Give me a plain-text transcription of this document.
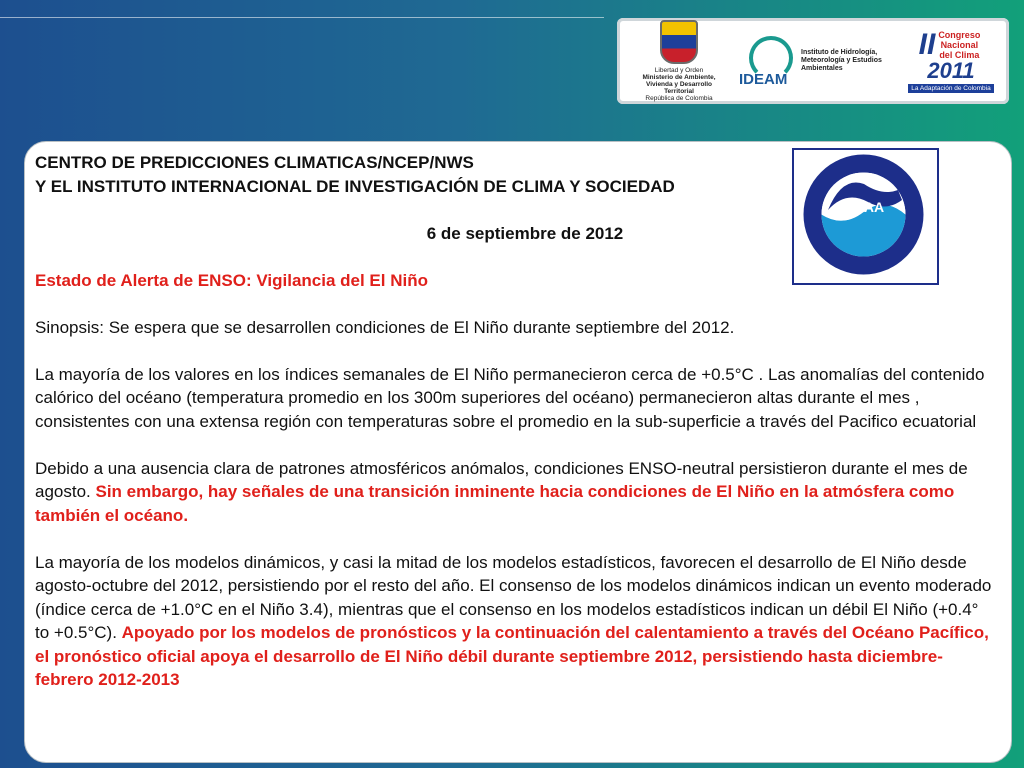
Libertad y Orden
Ministerio de Ambiente,
Vivienda y Desarrollo Territorial
República de Colombia
IDEAM
Instituto de Hidrología, Meteorología y Estudios Ambientales
II Congreso Nacional del Clima
2011
La Adaptación de Colombia
NOAA

CENTRO DE PREDICCIONES CLIMATICAS/NCEP/NWS

Y EL INSTITUTO INTERNACIONAL DE INVESTIGACIÓN DE CLIMA Y SOCIEDAD

6 de septiembre de 2012

Estado de Alerta de ENSO: Vigilancia del El Niño

Sinopsis: Se espera que se desarrollen condiciones de El Niño durante septiembre del 2012.

La mayoría de los valores en los índices semanales de El Niño permanecieron cerca de +0.5°C . Las anomalías del contenido calórico del océano (temperatura promedio en los 300m superiores del océano) permanecieron altas durante el mes , consistentes con una extensa región con temperaturas sobre el promedio en la sub-superficie a través del Pacifico ecuatorial

Debido a una ausencia clara de patrones atmosféricos anómalos, condiciones ENSO-neutral persistieron durante el mes de agosto. Sin embargo, hay señales de una transición inminente hacia condiciones de El Niño en la atmósfera como también el océano.

La mayoría de los modelos dinámicos, y casi la mitad de los modelos estadísticos, favorecen el desarrollo de El Niño desde agosto-octubre del 2012, persistiendo por el resto del año. El consenso de los modelos dinámicos indican un evento moderado (índice cerca de +1.0°C en el Niño 3.4), mientras que el consenso en los modelos estadísticos indican un débil El Niño (+0.4° to +0.5°C). Apoyado por los modelos de pronósticos y la continuación del calentamiento a través del Océano Pacífico, el pronóstico oficial apoya el desarrollo de El Niño débil durante septiembre 2012, persistiendo hasta diciembre-febrero 2012-2013
